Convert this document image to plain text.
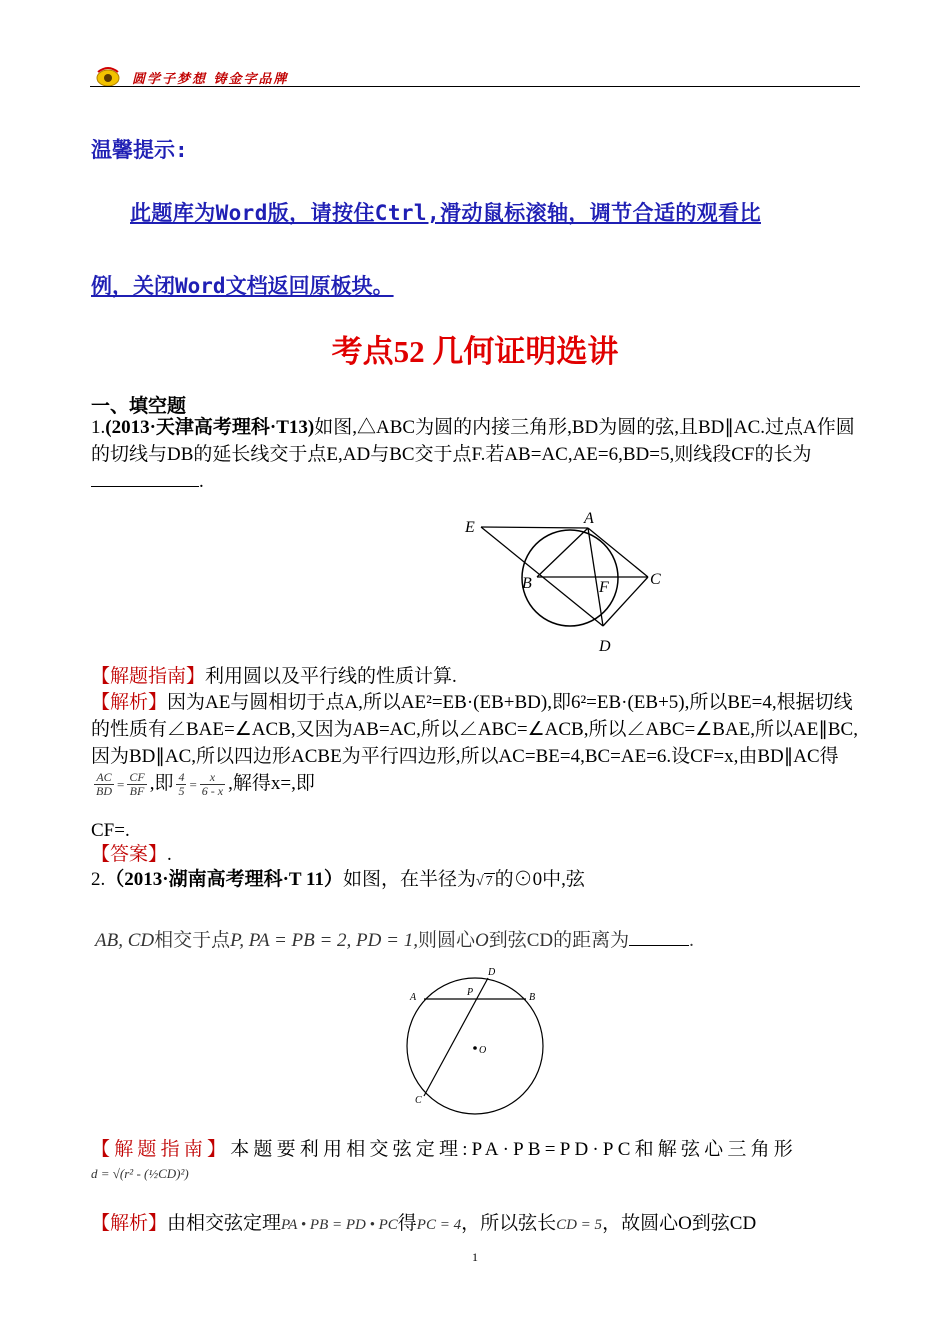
圆学子梦想 铸金字品牌
温馨提示:
此题库为Word版，请按住Ctrl,滑动鼠标滚轴，调节合适的观看比
例，关闭Word文档返回原板块。
考点52 几何证明选讲
一、填空题
1.(2013·天津高考理科·T13)如图,△ABC为圆的内接三角形,BD为圆的弦,且BD∥AC.过点A作圆的切线与DB的延长线交于点E,AD与BC交于点F.若AB=AC,AE=6,BD=5,则线段CF的长为.
E
A
B	C
F
D
【解题指南】利用圆以及平行线的性质计算.
【解析】因为AE与圆相切于点A,所以AE²=EB·(EB+BD),即6²=EB·(EB+5),所以BE=4,根据切线的性质有∠BAE=∠ACB,又因为AB=AC,所以∠ABC=∠ACB,所以∠ABC=∠BAE,所以AE∥BC,因为BD∥AC,所以四边形ACBE为平行四边形,所以AC=BE=4,BC=AE=6.设CF=x,由BD∥AC得
$\frac{AC}{BD} = \frac{CF}{BF}$ ,即 $\frac{4}{5} = \frac{x}{6 - x}$ ,解得x=,即
CF=.
【答案】.
2.（2013·湖南高考理科·T 11）如图，在半径为√ 7 的⊙0中,弦
AB, CD相交于点P, PA = PB = 2, PD = 1,则圆心O到弦CD的距离为	.
D
A	P	B
O
C
【解题指南】本题要利用相交弦定理:PA·PB=PD·PC和解弦心三角形
d = √(r² - (½CD)²)
【解析】由相交弦定理PA • PB = PD • PC得PC = 4，所以弦长CD = 5，故圆心O到弦CD
1
